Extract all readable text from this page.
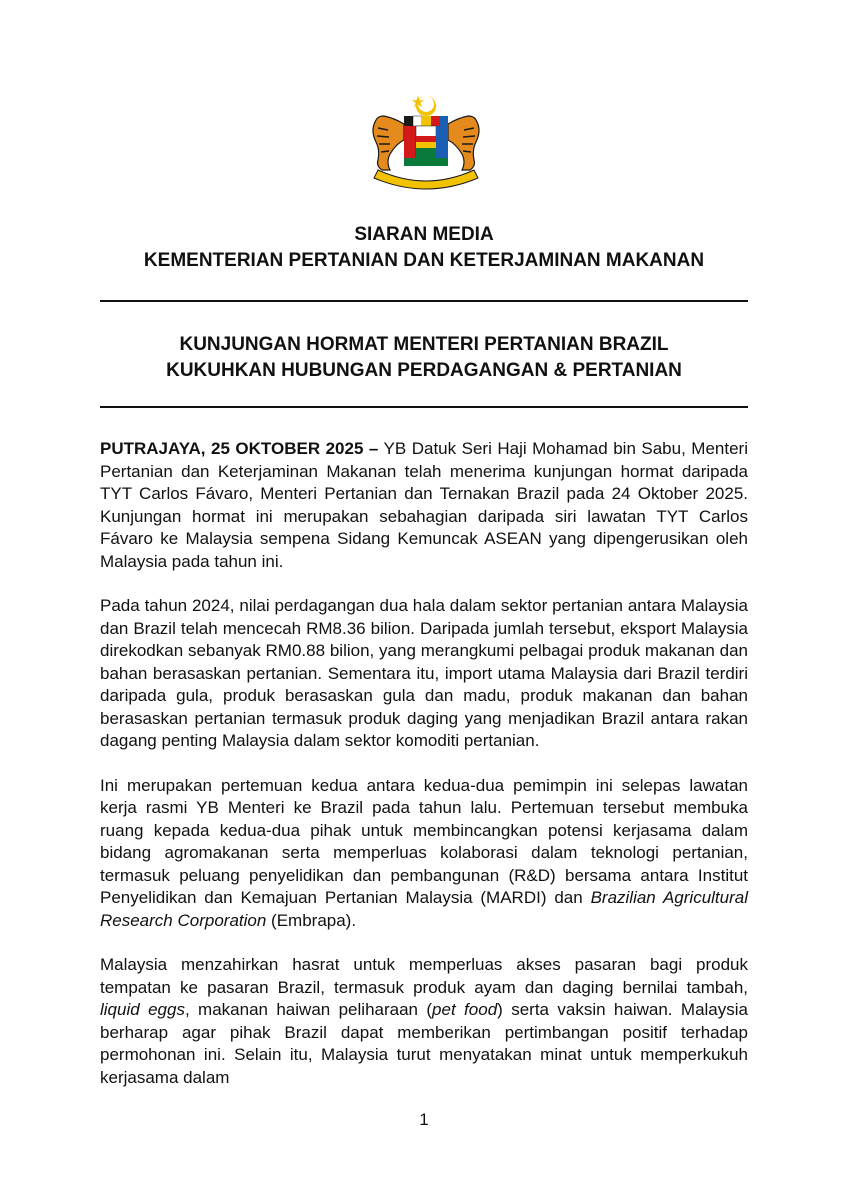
SIARAN MEDIA
KEMENTERIAN PERTANIAN DAN KETERJAMINAN MAKANAN
KUNJUNGAN HORMAT MENTERI PERTANIAN BRAZIL
KUKUHKAN HUBUNGAN PERDAGANGAN & PERTANIAN

PUTRAJAYA, 25 OKTOBER 2025 – YB Datuk Seri Haji Mohamad bin Sabu, Menteri Pertanian dan Keterjaminan Makanan telah menerima kunjungan hormat daripada TYT Carlos Fávaro, Menteri Pertanian dan Ternakan Brazil pada 24 Oktober 2025. Kunjungan hormat ini merupakan sebahagian daripada siri lawatan TYT Carlos Fávaro ke Malaysia sempena Sidang Kemuncak ASEAN yang dipengerusikan oleh Malaysia pada tahun ini.

Pada tahun 2024, nilai perdagangan dua hala dalam sektor pertanian antara Malaysia dan Brazil telah mencecah RM8.36 bilion. Daripada jumlah tersebut, eksport Malaysia direkodkan sebanyak RM0.88 bilion, yang merangkumi pelbagai produk makanan dan bahan berasaskan pertanian. Sementara itu, import utama Malaysia dari Brazil terdiri daripada gula, produk berasaskan gula dan madu, produk makanan dan bahan berasaskan pertanian termasuk produk daging yang menjadikan Brazil antara rakan dagang penting Malaysia dalam sektor komoditi pertanian.

Ini merupakan pertemuan kedua antara kedua-dua pemimpin ini selepas lawatan kerja rasmi YB Menteri ke Brazil pada tahun lalu. Pertemuan tersebut membuka ruang kepada kedua-dua pihak untuk membincangkan potensi kerjasama dalam bidang agromakanan serta memperluas kolaborasi dalam teknologi pertanian, termasuk peluang penyelidikan dan pembangunan (R&D) bersama antara Institut Penyelidikan dan Kemajuan Pertanian Malaysia (MARDI) dan Brazilian Agricultural Research Corporation (Embrapa).

Malaysia menzahirkan hasrat untuk memperluas akses pasaran bagi produk tempatan ke pasaran Brazil, termasuk produk ayam dan daging bernilai tambah, liquid eggs, makanan haiwan peliharaan (pet food) serta vaksin haiwan. Malaysia berharap agar pihak Brazil dapat memberikan pertimbangan positif terhadap permohonan ini. Selain itu, Malaysia turut menyatakan minat untuk memperkukuh kerjasama dalam

1
